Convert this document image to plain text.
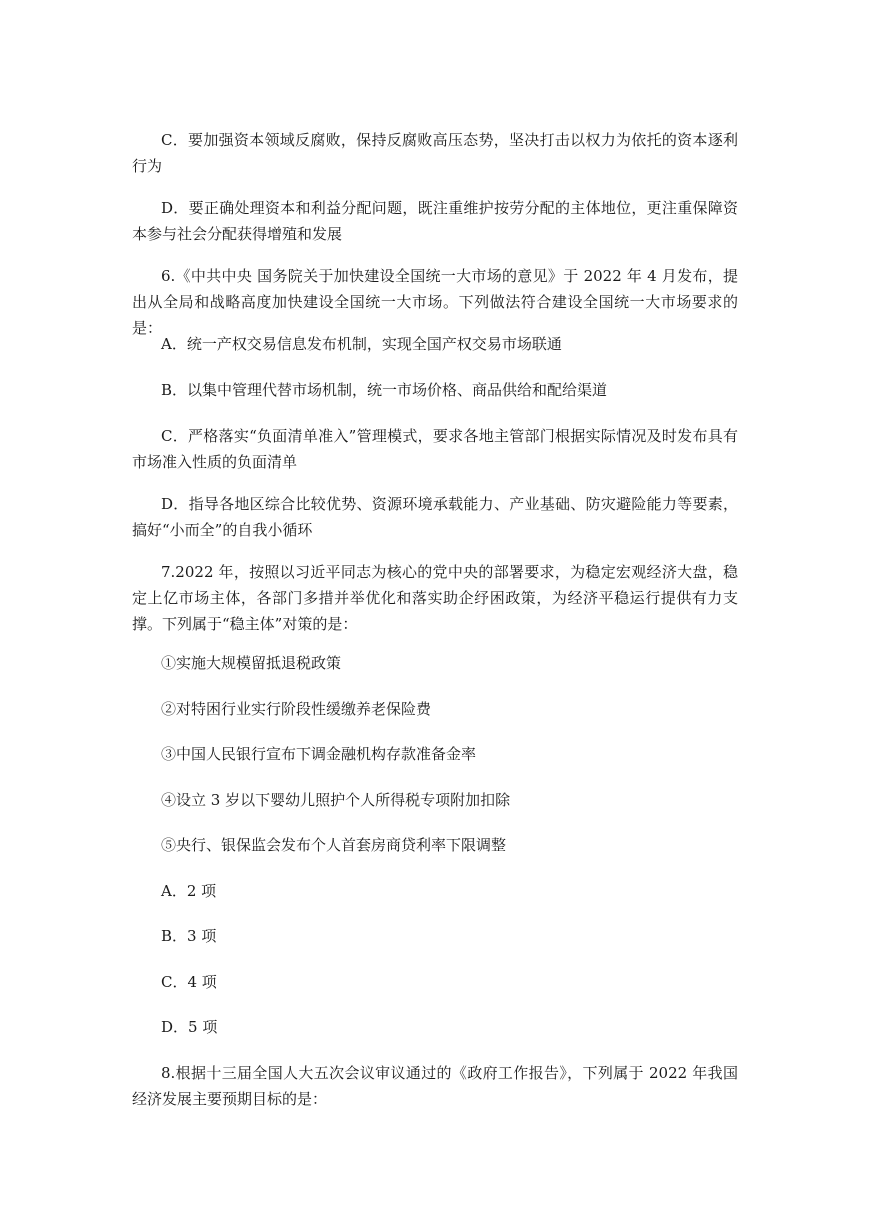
C．要加强资本领域反腐败，保持反腐败高压态势，坚决打击以权力为依托的资本逐利行为

D．要正确处理资本和利益分配问题，既注重维护按劳分配的主体地位，更注重保障资本参与社会分配获得增殖和发展

6.《中共中央 国务院关于加快建设全国统一大市场的意见》于 2022 年 4 月发布，提出从全局和战略高度加快建设全国统一大市场。下列做法符合建设全国统一大市场要求的是：

A．统一产权交易信息发布机制，实现全国产权交易市场联通

B．以集中管理代替市场机制，统一市场价格、商品供给和配给渠道

C．严格落实“负面清单准入”管理模式，要求各地主管部门根据实际情况及时发布具有市场准入性质的负面清单

D．指导各地区综合比较优势、资源环境承载能力、产业基础、防灾避险能力等要素，搞好“小而全”的自我小循环

7.2022 年，按照以习近平同志为核心的党中央的部署要求，为稳定宏观经济大盘，稳定上亿市场主体，各部门多措并举优化和落实助企纾困政策，为经济平稳运行提供有力支撑。下列属于“稳主体”对策的是：

①实施大规模留抵退税政策

②对特困行业实行阶段性缓缴养老保险费

③中国人民银行宣布下调金融机构存款准备金率

④设立 3 岁以下婴幼儿照护个人所得税专项附加扣除

⑤央行、银保监会发布个人首套房商贷利率下限调整

A．2 项

B．3 项

C．4 项

D．5 项

8.根据十三届全国人大五次会议审议通过的《政府工作报告》，下列属于 2022 年我国经济发展主要预期目标的是：
